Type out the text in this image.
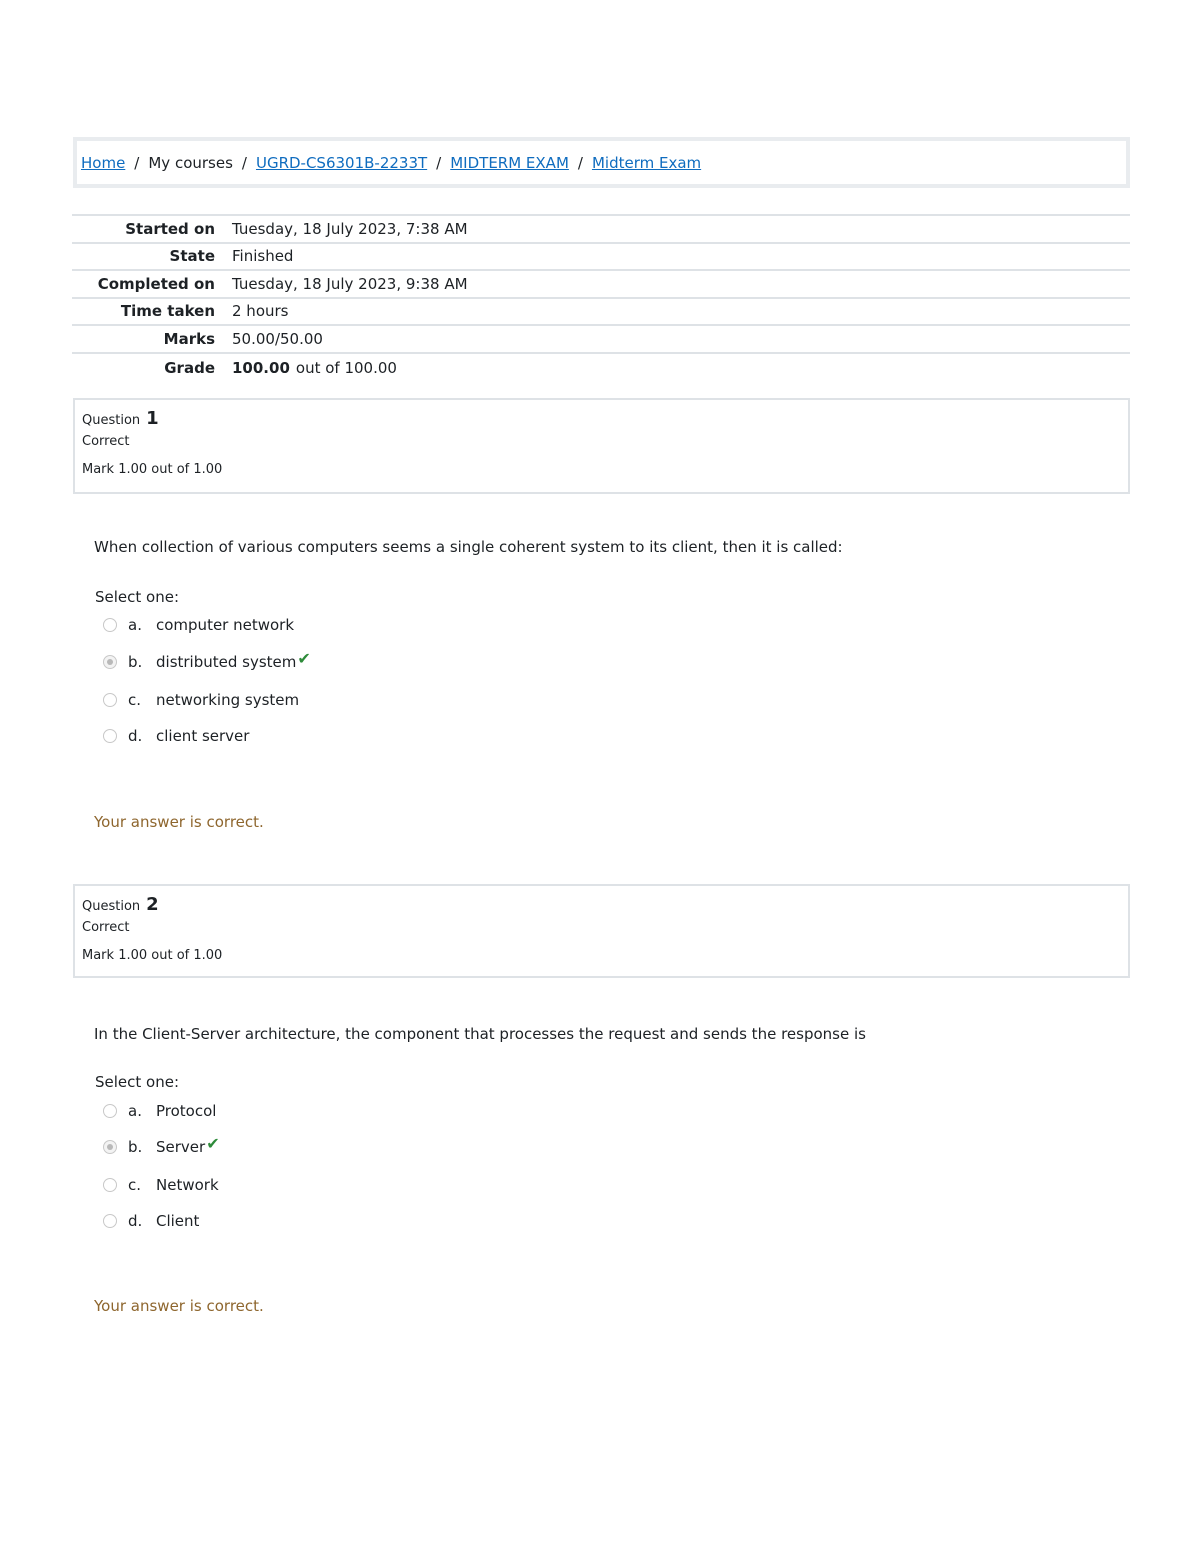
Home / My courses / UGRD-CS6301B-2233T / MIDTERM EXAM / Midterm Exam
Started on	Tuesday, 18 July 2023, 7:38 AM
State	Finished
Completed on	Tuesday, 18 July 2023, 9:38 AM
Time taken	2 hours
Marks	50.00/50.00
Grade	100.00 out of 100.00
Question 1
Correct
Mark 1.00 out of 1.00
When collection of various computers seems a single coherent system to its client, then it is called:
Select one:
a. computer network
b. distributed system ✔
c. networking system
d. client server
Your answer is correct.
Question 2
Correct
Mark 1.00 out of 1.00
In the Client-Server architecture, the component that processes the request and sends the response is
Select one:
a. Protocol
b. Server ✔
c. Network
d. Client
Your answer is correct.
